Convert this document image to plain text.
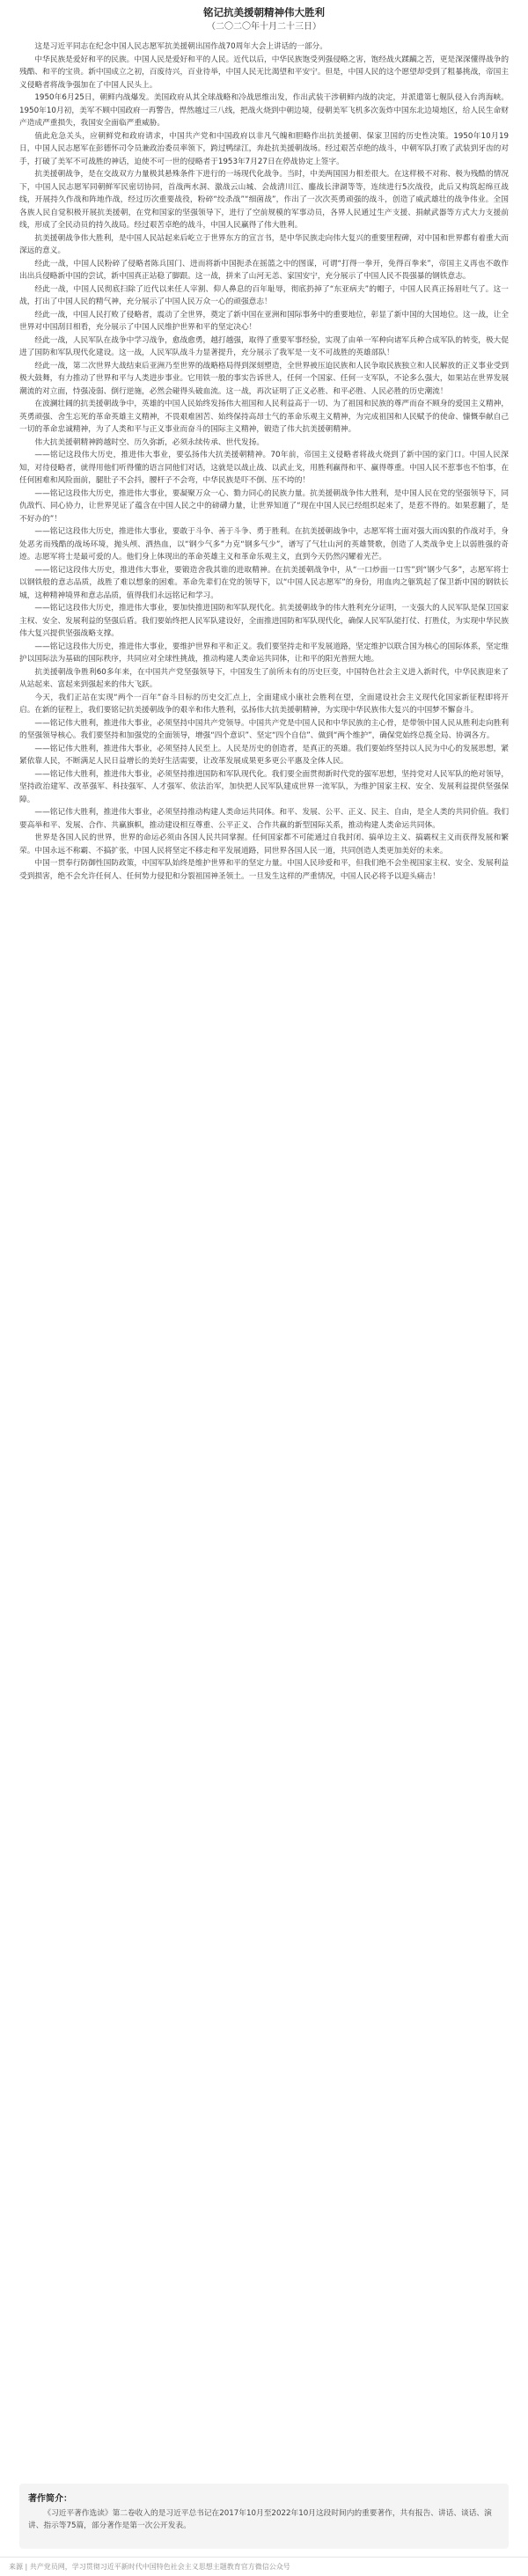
铭记抗美援朝精神伟大胜利
（二〇二〇年十月二十三日）

这是习近平同志在纪念中国人民志愿军抗美援朝出国作战70周年大会上讲话的一部分。

中华民族是爱好和平的民族。中国人民是爱好和平的人民。近代以后，中华民族饱受列强侵略之害，饱经战火蹂躏之苦，更是深深懂得战争的残酷、和平的宝贵。新中国成立之初，百废待兴，百业待举，中国人民无比渴望和平安宁。但是，中国人民的这个愿望却受到了粗暴挑战，帝国主义侵略者将战争强加在了中国人民头上。

1950年6月25日，朝鲜内战爆发。美国政府从其全球战略和冷战思维出发，作出武装干涉朝鲜内战的决定，并派遣第七舰队侵入台湾海峡。1950年10月初，美军不顾中国政府一再警告，悍然越过三八线，把战火烧到中朝边境，侵朝美军飞机多次轰炸中国东北边境地区，给人民生命财产造成严重损失，我国安全面临严重威胁。

值此危急关头，应朝鲜党和政府请求，中国共产党和中国政府以非凡气魄和胆略作出抗美援朝、保家卫国的历史性决策。1950年10月19日，中国人民志愿军在彭德怀司令员兼政治委员率领下，跨过鸭绿江，奔赴抗美援朝战场。经过艰苦卓绝的战斗，中朝军队打败了武装到牙齿的对手，打破了美军不可战胜的神话，迫使不可一世的侵略者于1953年7月27日在停战协定上签字。

抗美援朝战争，是在交战双方力量极其悬殊条件下进行的一场现代化战争。当时，中美两国国力相差很大。在这样极不对称、极为残酷的情况下，中国人民志愿军同朝鲜军民密切协同，首战两水洞、激战云山城、会战清川江、鏖战长津湖等等，连续进行5次战役，此后又构筑起绵亘战线，开展持久作战和阵地作战，经过历次重要战役，粉碎“绞杀战”“细菌战”，作出了一次次英勇顽强的战斗，创造了威武雄壮的战争伟业。全国各族人民自觉积极开展抗美援朝，在党和国家的坚强领导下，进行了空前规模的军事动员，各界人民通过生产支援、捐献武器等方式大力支援前线，形成了全民动员的持久战局。经过艰苦卓绝的战斗，中国人民赢得了伟大胜利。

抗美援朝战争伟大胜利，是中国人民站起来后屹立于世界东方的宣言书，是中华民族走向伟大复兴的重要里程碑，对中国和世界都有着重大而深远的意义。

经此一战，中国人民粉碎了侵略者陈兵国门、进而将新中国扼杀在摇篮之中的图谋，可谓“打得一拳开，免得百拳来”，帝国主义再也不敢作出出兵侵略新中国的尝试，新中国真正站稳了脚跟。这一战，拼来了山河无恙、家国安宁，充分展示了中国人民不畏强暴的钢铁意志。

经此一战，中国人民彻底扫除了近代以来任人宰割、仰人鼻息的百年耻辱，彻底扔掉了“东亚病夫”的帽子，中国人民真正扬眉吐气了。这一战，打出了中国人民的精气神，充分展示了中国人民万众一心的顽强意志！

经此一战，中国人民打败了侵略者，震动了全世界，奠定了新中国在亚洲和国际事务中的重要地位，彰显了新中国的大国地位。这一战，让全世界对中国刮目相看，充分展示了中国人民维护世界和平的坚定决心！

经此一战，人民军队在战争中学习战争，愈战愈勇，越打越强，取得了重要军事经验，实现了由单一军种向诸军兵种合成军队的转变，极大促进了国防和军队现代化建设。这一战，人民军队战斗力显著提升，充分展示了我军是一支不可战胜的英雄部队！

经此一战，第二次世界大战结束后亚洲乃至世界的战略格局得到深刻塑造，全世界被压迫民族和人民争取民族独立和人民解放的正义事业受到极大鼓舞，有力推动了世界和平与人类进步事业。它用铁一般的事实告诉世人，任何一个国家、任何一支军队，不论多么强大，如果站在世界发展潮流的对立面，恃强凌弱、倒行逆施，必然会碰得头破血流。这一战，再次证明了正义必胜、和平必胜、人民必胜的历史潮流！

在波澜壮阔的抗美援朝战争中，英雄的中国人民始终发扬伟大祖国和人民利益高于一切、为了祖国和民族的尊严而奋不顾身的爱国主义精神，英勇顽强、舍生忘死的革命英雄主义精神，不畏艰难困苦、始终保持高昂士气的革命乐观主义精神，为完成祖国和人民赋予的使命、慷慨奉献自己一切的革命忠诚精神，为了人类和平与正义事业而奋斗的国际主义精神，锻造了伟大抗美援朝精神。

伟大抗美援朝精神跨越时空、历久弥新，必须永续传承、世代发扬。

——铭记这段伟大历史，推进伟大事业，要弘扬伟大抗美援朝精神。70年前，帝国主义侵略者将战火烧到了新中国的家门口。中国人民深知，对待侵略者，就得用他们听得懂的语言同他们对话，这就是以战止战、以武止戈，用胜利赢得和平、赢得尊重。中国人民不惹事也不怕事，在任何困难和风险面前，腿肚子不会抖，腰杆子不会弯，中华民族是吓不倒、压不垮的！

——铭记这段伟大历史，推进伟大事业，要凝聚万众一心、勠力同心的民族力量。抗美援朝战争伟大胜利，是中国人民在党的坚强领导下，同仇敌忾、同心协力，让世界见证了蕴含在中国人民之中的磅礴力量，让世界知道了“现在中国人民已经组织起来了，是惹不得的。如果惹翻了，是不好办的”！

——铭记这段伟大历史，推进伟大事业，要敢于斗争、善于斗争、勇于胜利。在抗美援朝战争中，志愿军将士面对强大而凶狠的作战对手，身处恶劣而残酷的战场环境，抛头颅、洒热血，以“钢少气多”力克“钢多气少”，谱写了气壮山河的英雄赞歌，创造了人类战争史上以弱胜强的奇迹。志愿军将士是最可爱的人。他们身上体现出的革命英雄主义和革命乐观主义，直到今天仍然闪耀着光芒。

——铭记这段伟大历史，推进伟大事业，要锻造舍我其谁的进取精神。在抗美援朝战争中，从“一口炒面一口雪”到“钢少气多”，志愿军将士以钢铁般的意志品质，战胜了难以想象的困难。革命先辈们在党的领导下，以“中国人民志愿军”的身份，用血肉之躯筑起了保卫新中国的钢铁长城，这种精神境界和意志品质，值得我们永远铭记和学习。

——铭记这段伟大历史，推进伟大事业，要加快推进国防和军队现代化。抗美援朝战争的伟大胜利充分证明，一支强大的人民军队是保卫国家主权、安全、发展利益的坚强后盾。我们要始终把人民军队建设好，全面推进国防和军队现代化，确保人民军队能打仗、打胜仗，为实现中华民族伟大复兴提供坚强战略支撑。

——铭记这段伟大历史，推进伟大事业，要维护世界和平和正义。我们要坚持走和平发展道路，坚定维护以联合国为核心的国际体系，坚定维护以国际法为基础的国际秩序，共同应对全球性挑战，推动构建人类命运共同体，让和平的阳光普照大地。

抗美援朝战争胜利60多年来，在中国共产党坚强领导下，中国发生了前所未有的历史巨变，中国特色社会主义进入新时代，中华民族迎来了从站起来、富起来到强起来的伟大飞跃。

今天，我们正站在实现“两个一百年”奋斗目标的历史交汇点上，全面建成小康社会胜利在望，全面建设社会主义现代化国家新征程即将开启。在新的征程上，我们要铭记抗美援朝战争的艰辛和伟大胜利，弘扬伟大抗美援朝精神，为实现中华民族伟大复兴的中国梦不懈奋斗。

——铭记伟大胜利，推进伟大事业，必须坚持中国共产党领导。中国共产党是中国人民和中华民族的主心骨，是带领中国人民从胜利走向胜利的坚强领导核心。我们要坚持和加强党的全面领导，增强“四个意识”、坚定“四个自信”、做到“两个维护”，确保党始终总揽全局、协调各方。

——铭记伟大胜利，推进伟大事业，必须坚持人民至上。人民是历史的创造者，是真正的英雄。我们要始终坚持以人民为中心的发展思想，紧紧依靠人民，不断满足人民日益增长的美好生活需要，让改革发展成果更多更公平惠及全体人民。

——铭记伟大胜利，推进伟大事业，必须坚持推进国防和军队现代化。我们要全面贯彻新时代党的强军思想，坚持党对人民军队的绝对领导，坚持政治建军、改革强军、科技强军、人才强军、依法治军，加快把人民军队建成世界一流军队，为维护国家主权、安全、发展利益提供坚强保障。

——铭记伟大胜利，推进伟大事业，必须坚持推动构建人类命运共同体。和平、发展、公平、正义、民主、自由，是全人类的共同价值。我们要高举和平、发展、合作、共赢旗帜，推动建设相互尊重、公平正义、合作共赢的新型国际关系，推动构建人类命运共同体。

世界是各国人民的世界，世界的命运必须由各国人民共同掌握。任何国家都不可能通过自我封闭、搞单边主义、搞霸权主义而获得发展和繁荣。中国永远不称霸、不搞扩张，中国人民将坚定不移走和平发展道路，同世界各国人民一道，共同创造人类更加美好的未来。

中国一贯奉行防御性国防政策，中国军队始终是维护世界和平的坚定力量。中国人民珍爱和平，但我们绝不会坐视国家主权、安全、发展利益受到损害，绝不会允许任何人、任何势力侵犯和分裂祖国神圣领土。一旦发生这样的严重情况，中国人民必将予以迎头痛击！

著作简介：
《习近平著作选读》第二卷收入的是习近平总书记在2017年10月至2022年10月这段时间内的重要著作，共有报告、讲话、谈话、演讲、指示等75篇，部分著作是第一次公开发表。
来源 | 共产党员网，学习贯彻习近平新时代中国特色社会主义思想主题教育官方微信公众号
